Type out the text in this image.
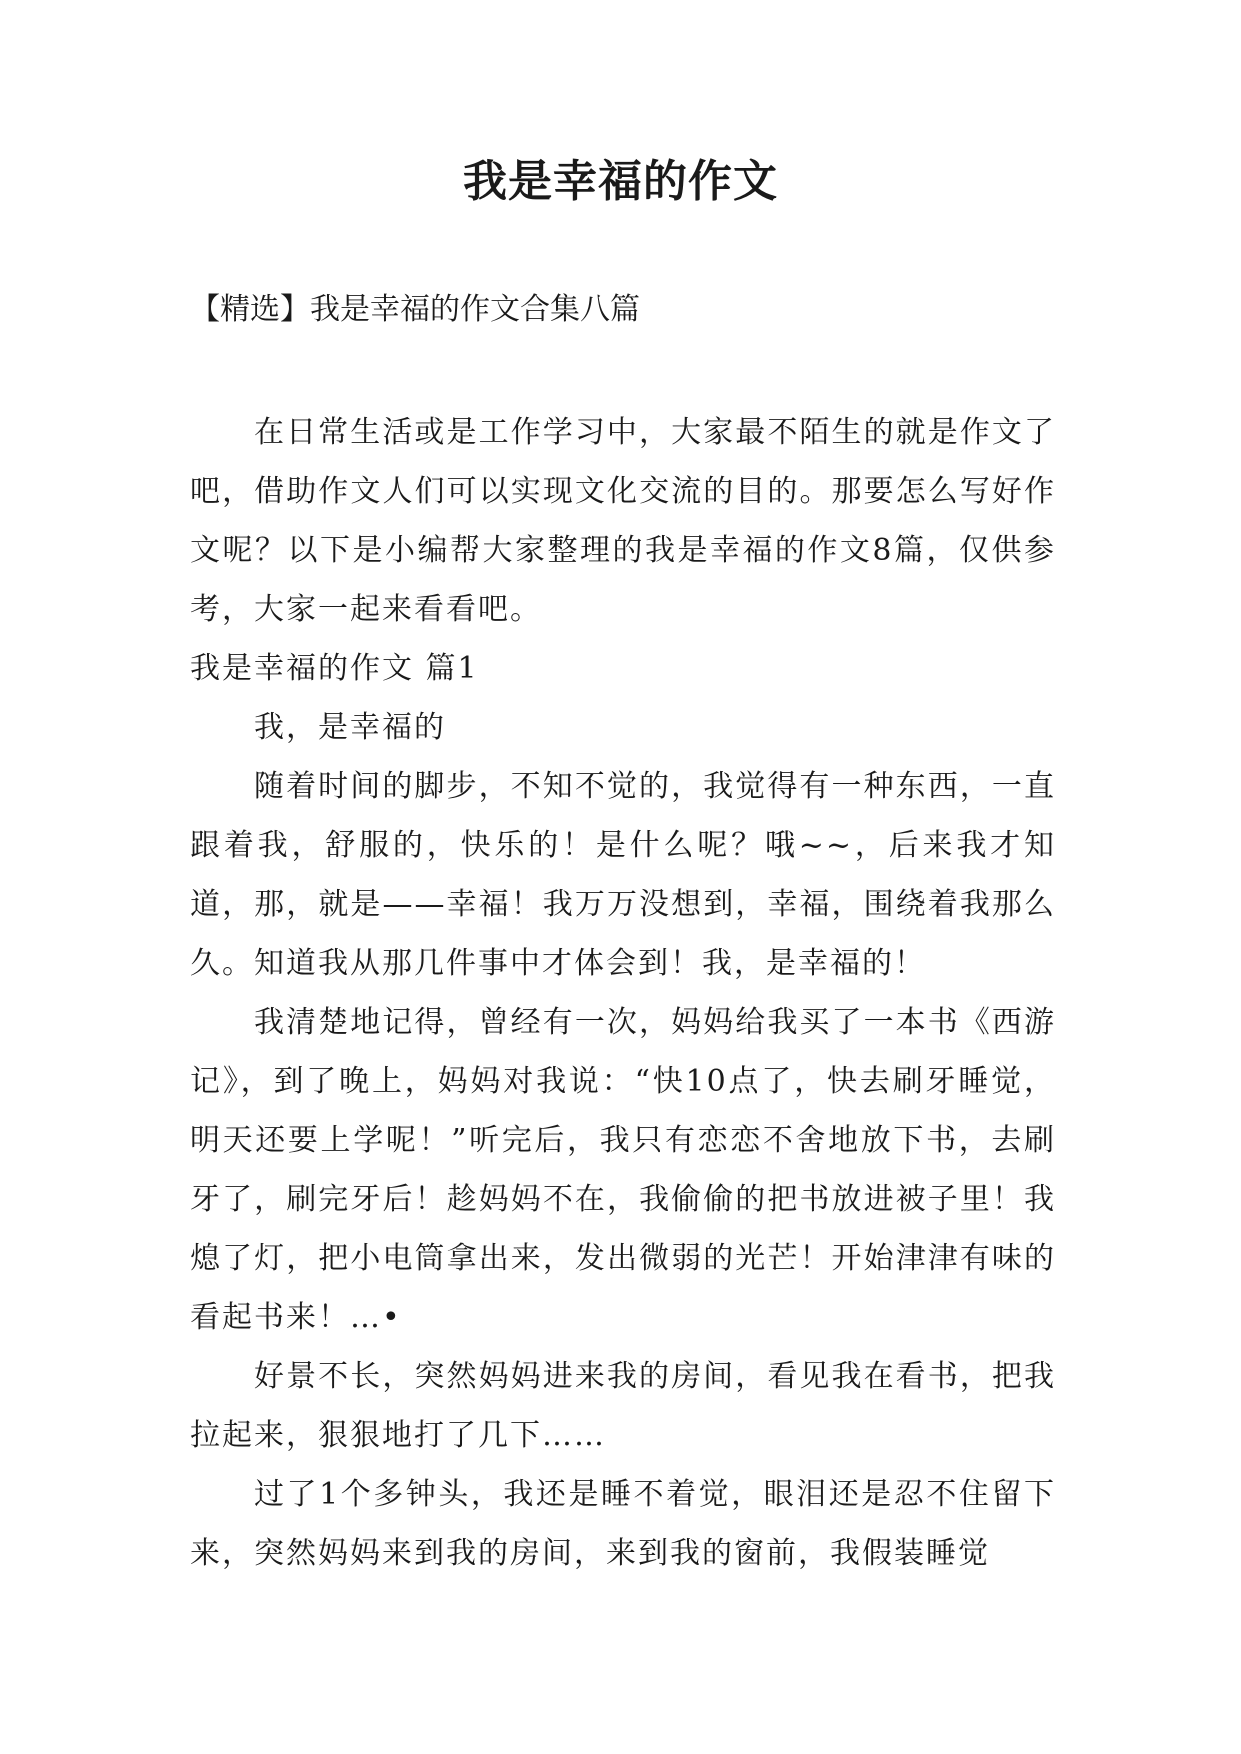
我是幸福的作文
【精选】我是幸福的作文合集八篇

在日常生活或是工作学习中，大家最不陌生的就是作文了吧，借助作文人们可以实现文化交流的目的。那要怎么写好作文呢？以下是小编帮大家整理的我是幸福的作文8篇，仅供参考，大家一起来看看吧。

我是幸福的作文 篇1

我，是幸福的

随着时间的脚步，不知不觉的，我觉得有一种东西，一直跟着我，舒服的，快乐的！是什么呢？哦~~，后来我才知道，那，就是——幸福！我万万没想到，幸福，围绕着我那么久。知道我从那几件事中才体会到！我，是幸福的！

我清楚地记得，曾经有一次，妈妈给我买了一本书《西游记》，到了晚上，妈妈对我说：“快10点了，快去刷牙睡觉，明天还要上学呢！”听完后，我只有恋恋不舍地放下书，去刷牙了，刷完牙后！趁妈妈不在，我偷偷的把书放进被子里！我熄了灯，把小电筒拿出来，发出微弱的光芒！开始津津有味的看起书来！…•

好景不长，突然妈妈进来我的房间，看见我在看书，把我拉起来，狠狠地打了几下……

过了1个多钟头，我还是睡不着觉，眼泪还是忍不住留下来，突然妈妈来到我的房间，来到我的窗前，我假装睡觉
